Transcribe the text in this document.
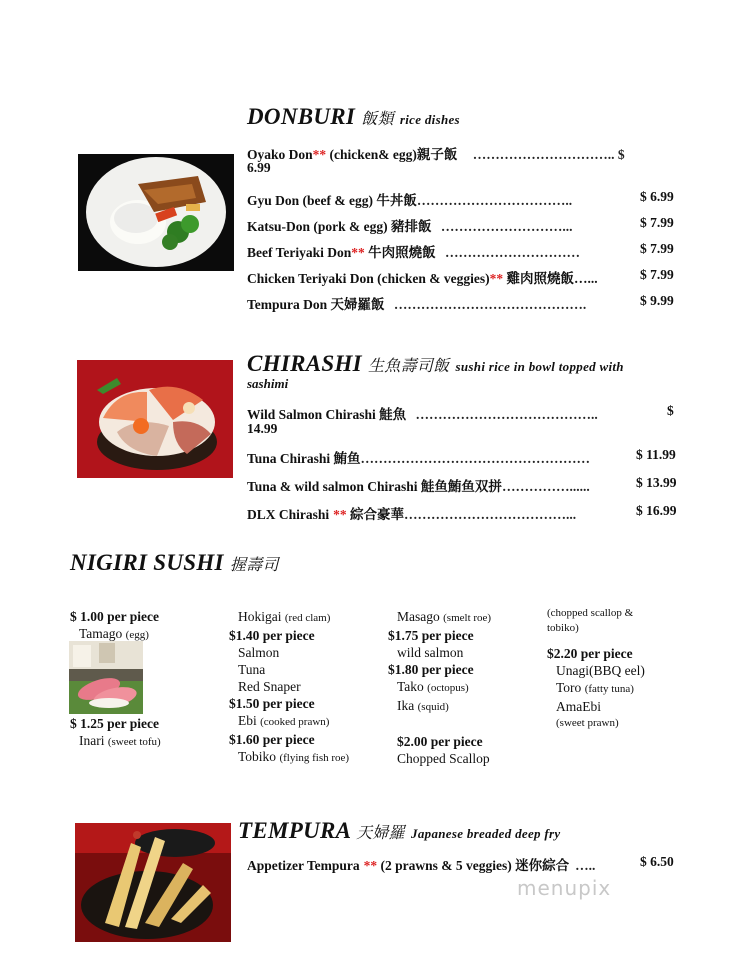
DONBURI 飯類 rice dishes
Oyako Don** (chicken& egg)親子飯 ………………………….. $
6.99
Gyu Don (beef & egg) 牛丼飯……………………………..	$ 6.99
Katsu-Don (pork & egg) 豬排飯 ………………………...	$ 7.99
Beef Teriyaki Don** 牛肉照燒飯 …………………………	$ 7.99
Chicken Teriyaki Don (chicken & veggies)** 雞肉照燒飯…...	$ 7.99
Tempura Don 天婦羅飯 …………………………………….	$ 9.99
CHIRASHI 生魚壽司飯 sushi rice in bowl topped with
sashimi
Wild Salmon Chirashi 鮭魚 …………………………………..	$
14.99
Tuna Chirashi 鮪鱼……………………………………………	$ 11.99
Tuna & wild salmon Chirashi 鮭鱼鮪鱼双拼……………......	$ 13.99
DLX Chirashi ** 綜合豪華………………………………...	$ 16.99
NIGIRI SUSHI 握壽司
$ 1.00 per piece
Tamago (egg)
$ 1.25 per piece
Inari (sweet tofu)
Hokigai (red clam)
$1.40 per piece
Salmon
Tuna
Red Snaper
$1.50 per piece
Ebi (cooked prawn)
$1.60 per piece
Tobiko (flying fish roe)
Masago (smelt roe)
$1.75 per piece
wild salmon
$1.80 per piece
Tako (octopus)
Ika (squid)
$2.00 per piece
Chopped Scallop
(chopped scallop &
tobiko)
$2.20 per piece
Unagi(BBQ eel)
Toro (fatty tuna)
AmaEbi
(sweet prawn)
TEMPURA 天婦羅 Japanese breaded deep fry
Appetizer Tempura ** (2 prawns & 5 veggies) 迷你綜合 …..	$ 6.50
menupix
